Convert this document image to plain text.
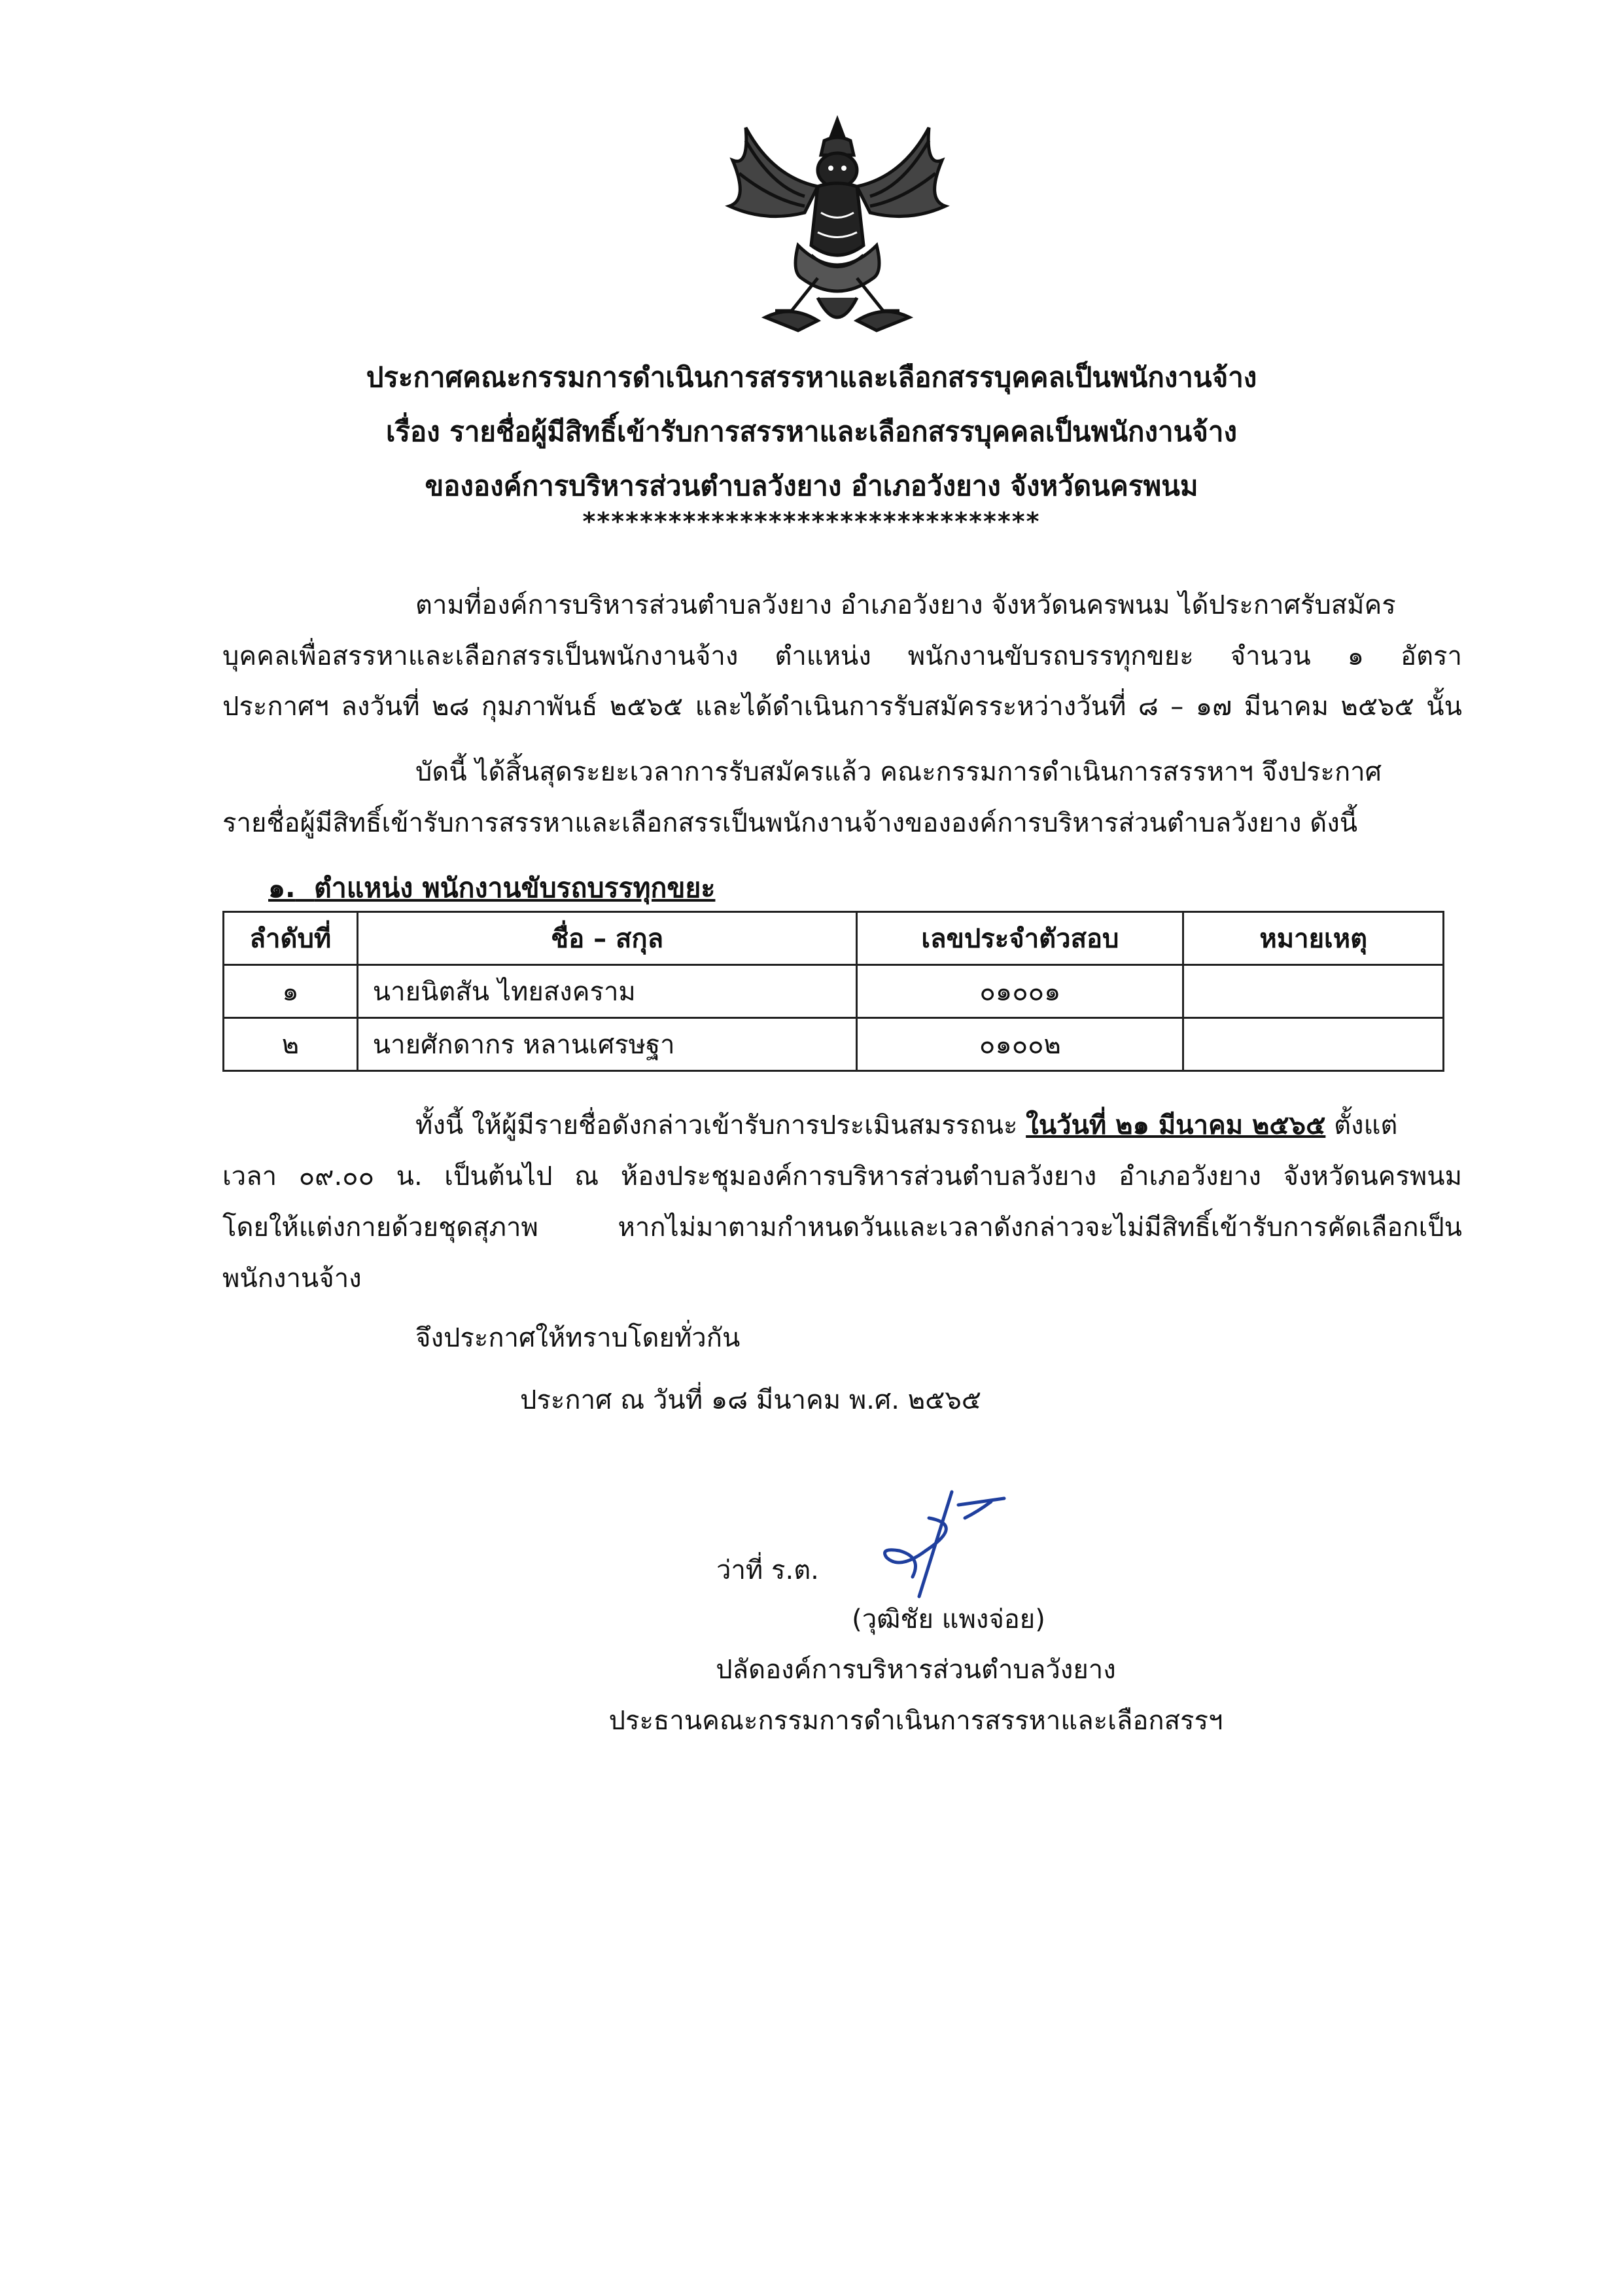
ประกาศคณะกรรมการดำเนินการสรรหาและเลือกสรรบุคคลเป็นพนักงานจ้าง
เรื่อง รายชื่อผู้มีสิทธิ์เข้ารับการสรรหาและเลือกสรรบุคคลเป็นพนักงานจ้าง
ขององค์การบริหารส่วนตำบลวังยาง อำเภอวังยาง จังหวัดนครพนม
********************************
ตามที่องค์การบริหารส่วนตำบลวังยาง อำเภอวังยาง จังหวัดนครพนม ได้ประกาศรับสมัคร
บุคคลเพื่อสรรหาและเลือกสรรเป็นพนักงานจ้าง ตำแหน่ง พนักงานขับรถบรรทุกขยะ จำนวน ๑ อัตรา
ประกาศฯ ลงวันที่ ๒๘ กุมภาพันธ์ ๒๕๖๕ และได้ดำเนินการรับสมัครระหว่างวันที่ ๘ – ๑๗ มีนาคม ๒๕๖๕ นั้น
บัดนี้ ได้สิ้นสุดระยะเวลาการรับสมัครแล้ว คณะกรรมการดำเนินการสรรหาฯ จึงประกาศ
รายชื่อผู้มีสิทธิ์เข้ารับการสรรหาและเลือกสรรเป็นพนักงานจ้างขององค์การบริหารส่วนตำบลวังยาง ดังนี้
๑. ตำแหน่ง พนักงานขับรถบรรทุกขยะ
ลำดับที่	ชื่อ – สกุล	เลขประจำตัวสอบ	หมายเหตุ
๑	นายนิตสัน ไทยสงคราม	๐๑๐๐๑	
๒	นายศักดากร หลานเศรษฐา	๐๑๐๐๒	
ทั้งนี้ ให้ผู้มีรายชื่อดังกล่าวเข้ารับการประเมินสมรรถนะ ในวันที่ ๒๑ มีนาคม ๒๕๖๕ ตั้งแต่
เวลา ๐๙.๐๐ น. เป็นต้นไป ณ ห้องประชุมองค์การบริหารส่วนตำบลวังยาง อำเภอวังยาง จังหวัดนครพนม
โดยให้แต่งกายด้วยชุดสุภาพ หากไม่มาตามกำหนดวันและเวลาดังกล่าวจะไม่มีสิทธิ์เข้ารับการคัดเลือกเป็น
พนักงานจ้าง
จึงประกาศให้ทราบโดยทั่วกัน
ประกาศ ณ วันที่ ๑๘ มีนาคม พ.ศ. ๒๕๖๕
ว่าที่ ร.ต.
(วุฒิชัย แพงจ่อย)
ปลัดองค์การบริหารส่วนตำบลวังยาง
ประธานคณะกรรมการดำเนินการสรรหาและเลือกสรรฯ
